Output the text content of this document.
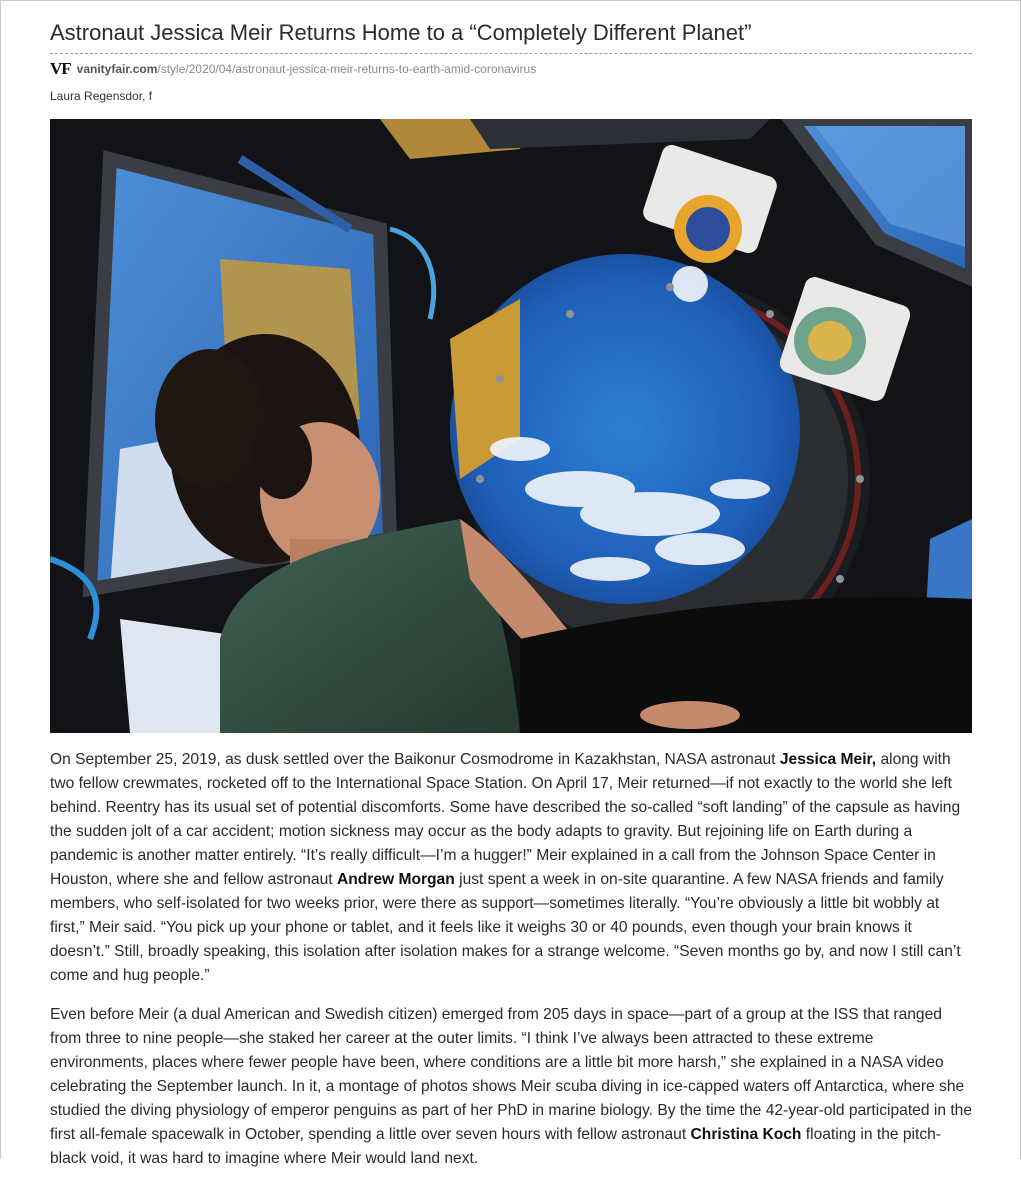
Astronaut Jessica Meir Returns Home to a “Completely Different Planet”
VF vanityfair.com/style/2020/04/astronaut-jessica-meir-returns-to-earth-amid-coronavirus
Laura Regensdor, f

On September 25, 2019, as dusk settled over the Baikonur Cosmodrome in Kazakhstan, NASA astronaut Jessica Meir, along with two fellow crewmates, rocketed off to the International Space Station. On April 17, Meir returned—if not exactly to the world she left behind. Reentry has its usual set of potential discomforts. Some have described the so-called “soft landing” of the capsule as having the sudden jolt of a car accident; motion sickness may occur as the body adapts to gravity. But rejoining life on Earth during a pandemic is another matter entirely. “It’s really difficult—I’m a hugger!” Meir explained in a call from the Johnson Space Center in Houston, where she and fellow astronaut Andrew Morgan just spent a week in on-site quarantine. A few NASA friends and family members, who self-isolated for two weeks prior, were there as support—sometimes literally. “You’re obviously a little bit wobbly at first,” Meir said. “You pick up your phone or tablet, and it feels like it weighs 30 or 40 pounds, even though your brain knows it doesn’t.” Still, broadly speaking, this isolation after isolation makes for a strange welcome. “Seven months go by, and now I still can’t come and hug people.”

Even before Meir (a dual American and Swedish citizen) emerged from 205 days in space—part of a group at the ISS that ranged from three to nine people—she staked her career at the outer limits. “I think I’ve always been attracted to these extreme environments, places where fewer people have been, where conditions are a little bit more harsh,” she explained in a NASA video celebrating the September launch. In it, a montage of photos shows Meir scuba diving in ice-capped waters off Antarctica, where she studied the diving physiology of emperor penguins as part of her PhD in marine biology. By the time the 42-year-old participated in the first all-female spacewalk in October, spending a little over seven hours with fellow astronaut Christina Koch floating in the pitch-black void, it was hard to imagine where Meir would land next.
